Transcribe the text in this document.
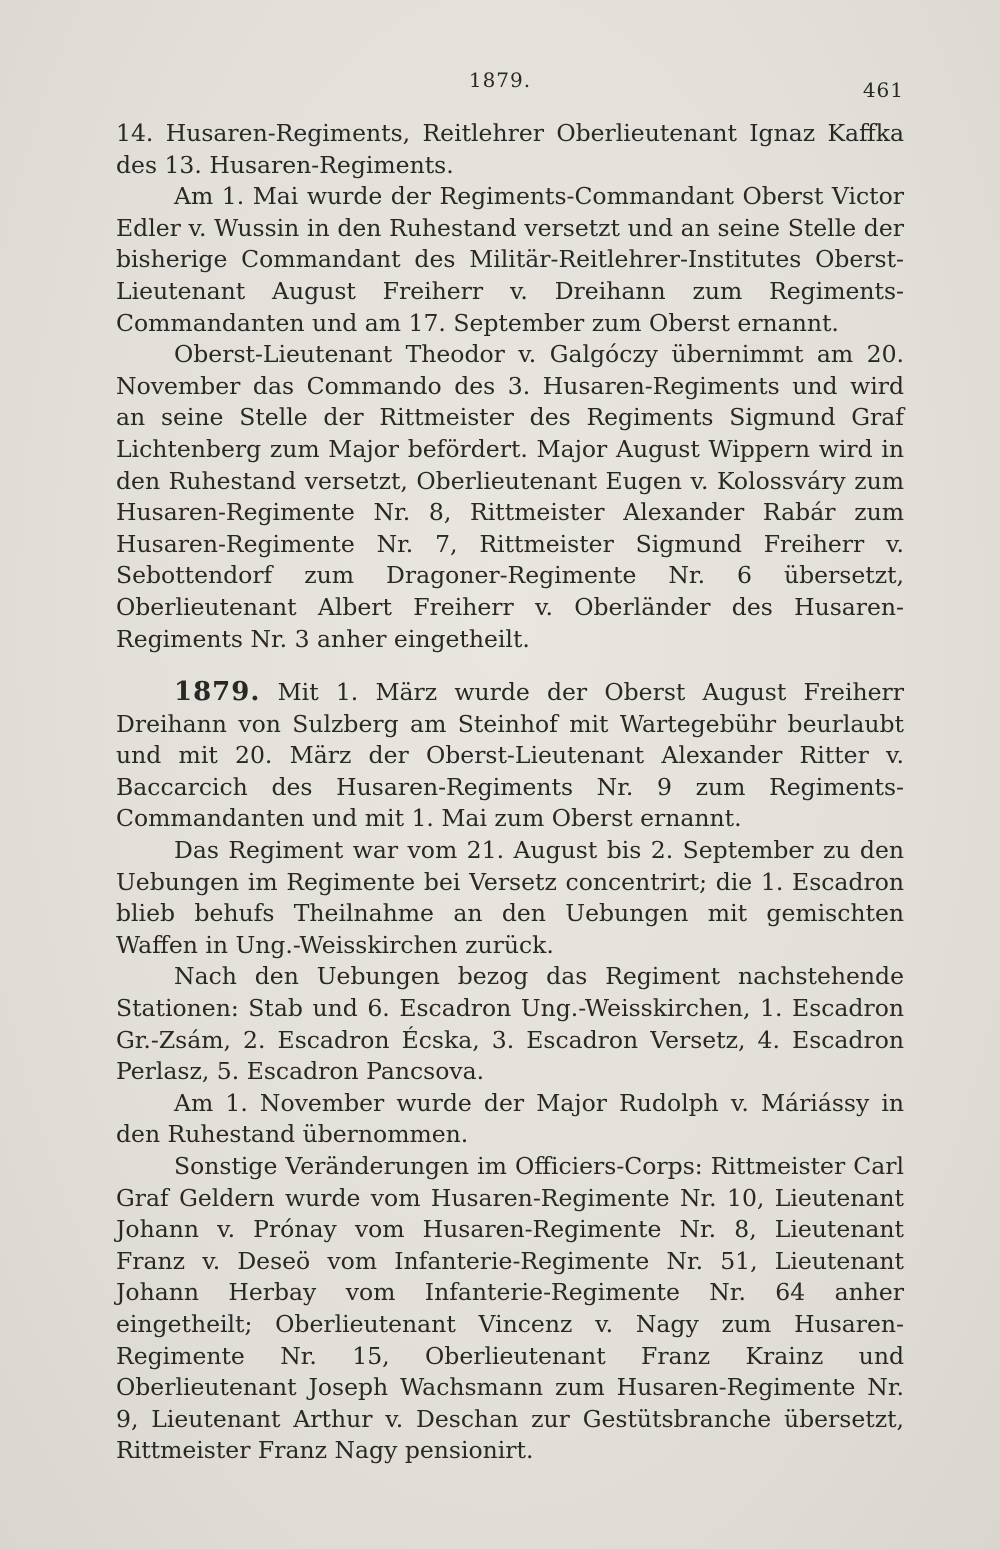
1879.	461

14. Husaren-Regiments, Reitlehrer Oberlieutenant Ignaz Kaffka des 13. Husaren-Regiments.

Am 1. Mai wurde der Regiments-Commandant Oberst Victor Edler v. Wussin in den Ruhestand versetzt und an seine Stelle der bisherige Commandant des Militär-Reitlehrer-Institutes Oberst-Lieutenant August Freiherr v. Dreihann zum Regiments-Commandanten und am 17. September zum Oberst ernannt.

Oberst-Lieutenant Theodor v. Galgóczy übernimmt am 20. November das Commando des 3. Husaren-Regiments und wird an seine Stelle der Rittmeister des Regiments Sigmund Graf Lichtenberg zum Major befördert. Major August Wippern wird in den Ruhestand versetzt, Oberlieutenant Eugen v. Kolossváry zum Husaren-Regimente Nr. 8, Rittmeister Alexander Rabár zum Husaren-Regimente Nr. 7, Rittmeister Sigmund Freiherr v. Sebottendorf zum Dragoner-Regimente Nr. 6 übersetzt, Oberlieutenant Albert Freiherr v. Oberländer des Husaren-Regiments Nr. 3 anher eingetheilt.

1879. Mit 1. März wurde der Oberst August Freiherr Dreihann von Sulzberg am Steinhof mit Wartegebühr beurlaubt und mit 20. März der Oberst-Lieutenant Alexander Ritter v. Baccarcich des Husaren-Regiments Nr. 9 zum Regiments-Commandanten und mit 1. Mai zum Oberst ernannt.

Das Regiment war vom 21. August bis 2. September zu den Uebungen im Regimente bei Versetz concentrirt; die 1. Escadron blieb behufs Theilnahme an den Uebungen mit gemischten Waffen in Ung.-Weisskirchen zurück.

Nach den Uebungen bezog das Regiment nachstehende Stationen: Stab und 6. Escadron Ung.-Weisskirchen, 1. Escadron Gr.-Zsám, 2. Escadron Écska, 3. Escadron Versetz, 4. Escadron Perlasz, 5. Escadron Pancsova.

Am 1. November wurde der Major Rudolph v. Máriássy in den Ruhestand übernommen.

Sonstige Veränderungen im Officiers-Corps: Rittmeister Carl Graf Geldern wurde vom Husaren-Regimente Nr. 10, Lieutenant Johann v. Prónay vom Husaren-Regimente Nr. 8, Lieutenant Franz v. Deseö vom Infanterie-Regimente Nr. 51, Lieutenant Johann Herbay vom Infanterie-Regimente Nr. 64 anher eingetheilt; Oberlieutenant Vincenz v. Nagy zum Husaren-Regimente Nr. 15, Oberlieutenant Franz Krainz und Oberlieutenant Joseph Wachsmann zum Husaren-Regimente Nr. 9, Lieutenant Arthur v. Deschan zur Gestütsbranche übersetzt, Rittmeister Franz Nagy pensionirt.
